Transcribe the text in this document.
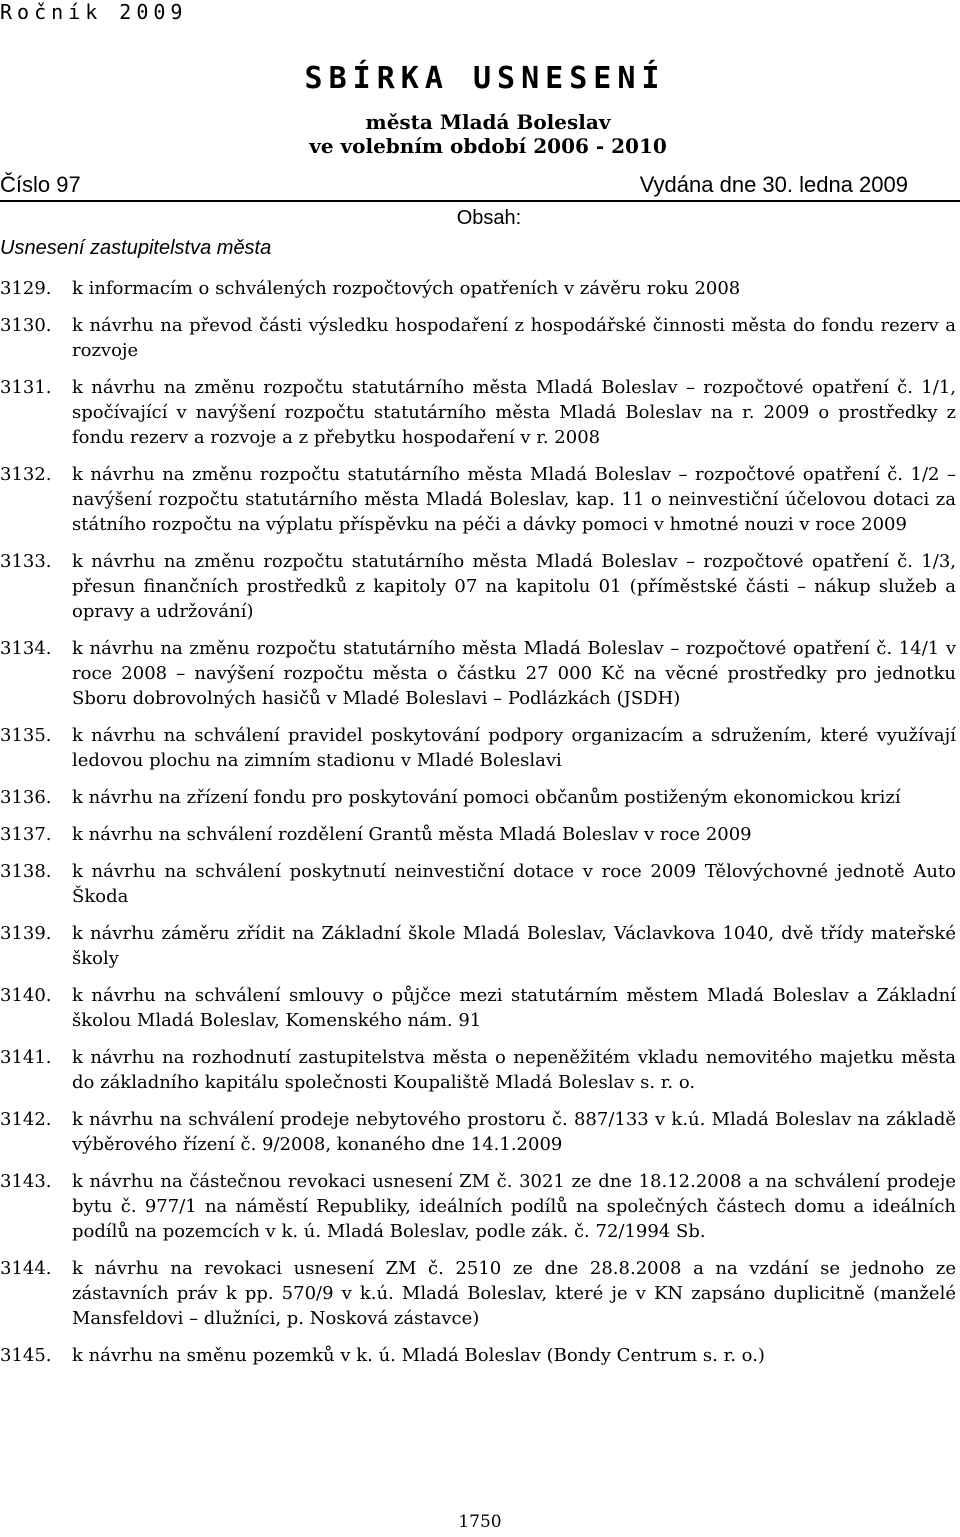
Ročník 2009
SBÍRKA USNESENÍ
města Mladá Boleslav
ve volebním období 2006 - 2010
Číslo 97	Vydána dne 30. ledna 2009
Obsah:
Usnesení zastupitelstva města
3129.	k informacím o schválených rozpočtových opatřeních v závěru roku 2008
3130.	k návrhu na převod části výsledku hospodaření z hospodářské činnosti města do fondu rezerv a rozvoje
3131.	k návrhu na změnu rozpočtu statutárního města Mladá Boleslav – rozpočtové opatření č. 1/1, spočívající v navýšení rozpočtu statutárního města Mladá Boleslav na r. 2009 o prostředky z fondu rezerv a rozvoje a z přebytku hospodaření v r. 2008
3132.	k návrhu na změnu rozpočtu statutárního města Mladá Boleslav – rozpočtové opatření č. 1/2 – navýšení rozpočtu statutárního města Mladá Boleslav, kap. 11 o neinvestiční účelovou dotaci za státního rozpočtu na výplatu příspěvku na péči a dávky pomoci v hmotné nouzi v roce 2009
3133.	k návrhu na změnu rozpočtu statutárního města Mladá Boleslav – rozpočtové opatření č. 1/3, přesun finančních prostředků z kapitoly 07 na kapitolu 01 (příměstské části – nákup služeb a opravy a udržování)
3134.	k návrhu na změnu rozpočtu statutárního města Mladá Boleslav – rozpočtové opatření č. 14/1 v roce 2008 – navýšení rozpočtu města o částku 27 000 Kč na věcné prostředky pro jednotku Sboru dobrovolných hasičů v Mladé Boleslavi – Podlázkách (JSDH)
3135.	k návrhu na schválení pravidel poskytování podpory organizacím a sdružením, které využívají ledovou plochu na zimním stadionu v Mladé Boleslavi
3136.	k návrhu na zřízení fondu pro poskytování pomoci občanům postiženým ekonomickou krizí
3137.	k návrhu na schválení rozdělení Grantů města Mladá Boleslav v roce 2009
3138.	k návrhu na schválení poskytnutí neinvestiční dotace v roce 2009 Tělovýchovné jednotě Auto Škoda
3139.	k návrhu záměru zřídit na Základní škole Mladá Boleslav, Václavkova 1040, dvě třídy mateřské školy
3140.	k návrhu na schválení smlouvy o půjčce mezi statutárním městem Mladá Boleslav a Základní školou Mladá Boleslav, Komenského nám. 91
3141.	k návrhu na rozhodnutí zastupitelstva města o nepeněžitém vkladu nemovitého majetku města do základního kapitálu společnosti Koupaliště Mladá Boleslav s. r. o.
3142.	k návrhu na schválení prodeje nebytového prostoru č. 887/133 v k.ú. Mladá Boleslav na základě výběrového řízení č. 9/2008, konaného dne 14.1.2009
3143.	k návrhu na částečnou revokaci usnesení ZM č. 3021 ze dne 18.12.2008 a na schválení prodeje bytu č. 977/1 na náměstí Republiky, ideálních podílů na společných částech domu a ideálních podílů na pozemcích v k. ú. Mladá Boleslav, podle zák. č. 72/1994 Sb.
3144.	k návrhu na revokaci usnesení ZM č. 2510 ze dne 28.8.2008 a na vzdání se jednoho ze zástavních práv k pp. 570/9 v k.ú. Mladá Boleslav, které je v KN zapsáno duplicitně (manželé Mansfeldovi – dlužníci, p. Nosková zástavce)
3145.	k návrhu na směnu pozemků v k. ú. Mladá Boleslav (Bondy Centrum s. r. o.)
1750
